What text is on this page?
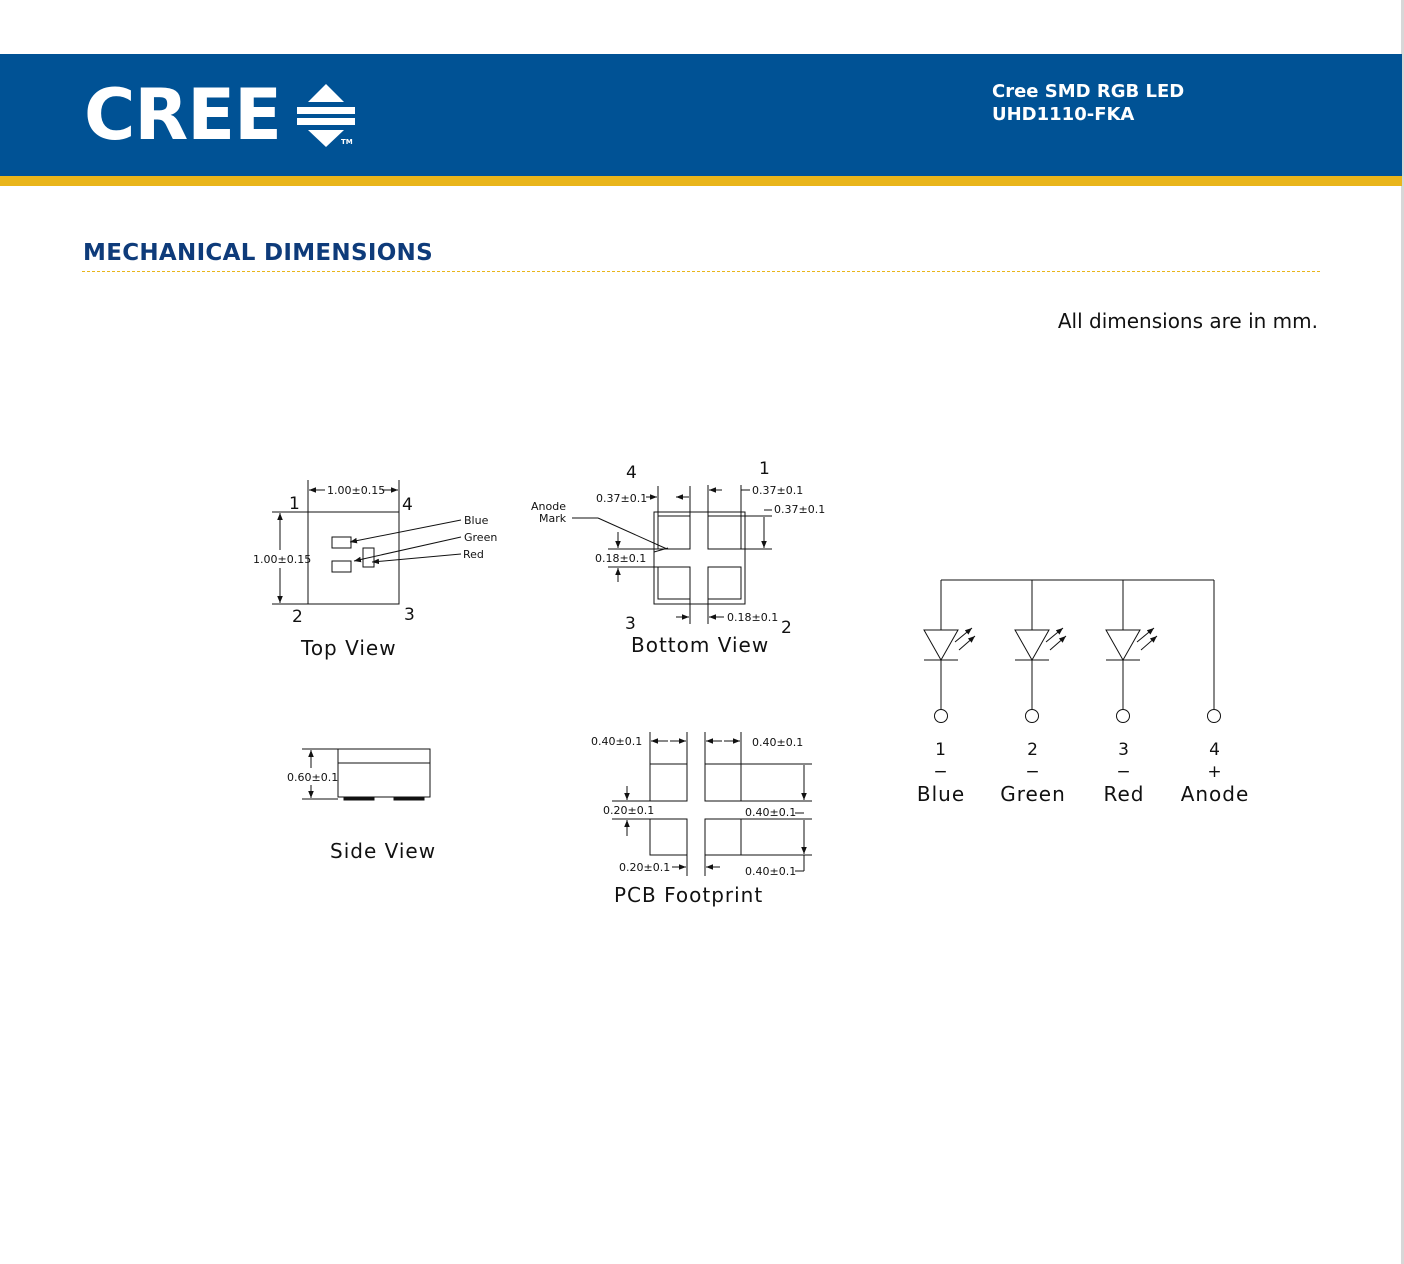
CREE	TM
Cree SMD RGB LED
UHD1110-FKA
MECHANICAL DIMENSIONS
All dimensions are in mm.
1.00±0.15
1.00±0.15
1
2	3
4
Blue
Green
Red
Top View
4	1
3	2
Anode
Mark
0.37±0.1
0.37±0.1
0.37±0.1
0.18±0.1
0.18±0.1
Bottom View
0.60±0.1
Side View
0.40±0.1	0.40±0.1
0.20±0.1	0.40±0.1
0.20±0.1	0.40±0.1
PCB Footprint
1
−
Blue
2
−
Green
3
−
Red
4
+
Anode
